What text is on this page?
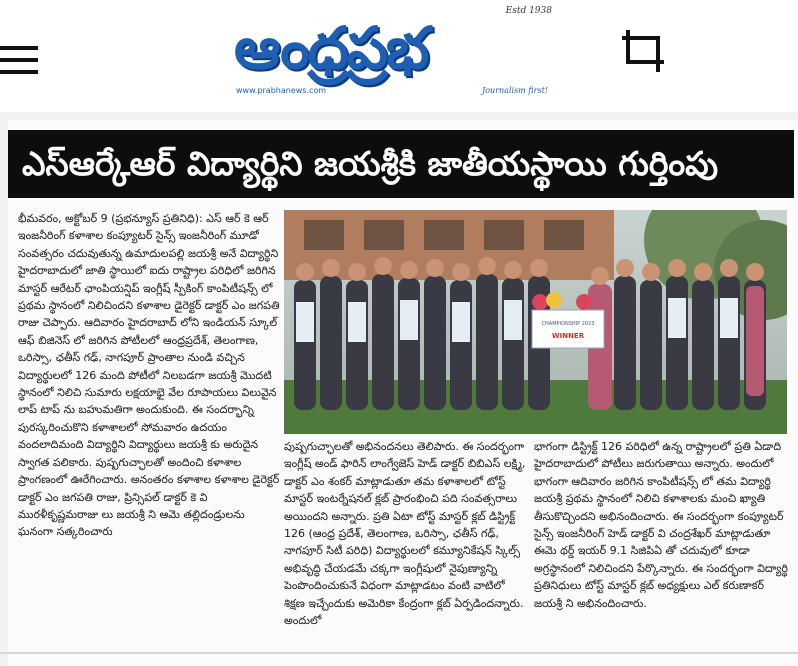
Estd 1938
ఆంధ్రప్రభ
www.prabhanews.com	Journalism first!
ఎస్ఆర్కేఆర్ విద్యార్థిని జయశ్రీకి జాతీయస్థాయి గుర్తింపు

భీమవరం, అక్టోబర్ 9 (ప్రభన్యూస్ ప్రతినిధి): ఎస్ ఆర్ కె ఆర్ ఇంజనీరింగ్ కళాశాల కంప్యూటర్ సైన్స్ ఇంజనీరింగ్ మూడో సంవత్సరం చదువుతున్న ఉమాదులపల్లి జయశ్రీ అనే విద్యార్థిని హైదరాబాదులో జాతి స్థాయిలో ఐదు రాష్ట్రాల పరిధిలో జరిగిన మాస్టర్ ఆరేటర్ ఛాంపియన్షిప్ ఇంగ్లీష్ స్పీకింగ్ కాంపిటీషన్స్ లో ప్రథమ స్థానంలో నిలిచిందని కళాశాల డైరెక్టర్ డాక్టర్ ఎం జగపతి రాజు చెప్పారు. ఆదివారం హైదరాబాద్ లోని ఇండియన్ స్కూల్ ఆఫ్ బిజినెస్ లో జరిగిన పోటీలలో ఆంధ్రప్రదేశ్, తెలంగాణ, ఒరిస్సా, ఛతీస్ గఢ్, నాగపూర్ ప్రాంతాల నుండి వచ్చిన విద్యార్థులలో 126 మంది పోటీలో నిలబడగా జయశ్రీ మొదటి స్థానంలో నిలిచి సుమారు లక్షయాభై వేల రూపాయలు విలువైన లాప్ టాప్ ను బహుమతిగా అందుకుంది. ఈ సందర్భాన్ని పురస్కరించుకొని కళాశాలలో సోమవారం ఉదయం వందలాదిమంది విద్యార్థిని విద్యార్థులు జయశ్రీ కు అరుదైన స్వాగత పలికారు. పుష్పగుచ్ఛాలతో అందించి కళాశాల ప్రాంగణంలో ఊరేగించారు. అనంతరం కళాశాల కళాశాల డైరెక్టర్ డాక్టర్ ఎం జగపతి రాజు, ప్రిన్సిపల్ డాక్టర్ కె వి మురళీకృష్ణమరాజు లు జయశ్రీ ని ఆమె తల్లిదండ్రులను ఘనంగా సత్కరించారు

CHAMPIONSHIP 2023
WINNER

పుష్పగుచ్ఛాలతో అభినందనలు తెలిపారు. ఈ సందర్భంగా ఇంగ్లీష్ అండ్ ఫారిన్ లాంగ్వేజెస్ హెడ్ డాక్టర్ బిబిఎస్ లక్ష్మి, డాక్టర్ ఎం శంకర్ మాట్లాడుతూ తమ కళాశాలలో టోస్ట్ మాస్టర్ ఇంటర్నేషనల్ క్లబ్ ప్రారంభించి పది సంవత్సరాలు అయిందని అన్నారు. ప్రతి ఏటా టోస్ట్ మాస్టర్ క్లబ్ డిస్ట్రిక్ట్ 126 (ఆంధ్ర ప్రదేశ్, తెలంగాణ, ఒరిస్సా, ఛతీస్ గఢ్, నాగపూర్ సిటీ పరిధి) విద్యార్థులలో కమ్యూనికేషన్ స్కిల్స్ అభివృద్ధి చేయడమే చక్కగా ఇంగ్లీషులో నైపుణ్యాన్ని పెంపొందించుకునే విధంగా మాట్లాడటం వంటి వాటిలో శిక్షణ ఇచ్చేందుకు అమెరికా కేంద్రంగా క్లబ్ ఏర్పడిందన్నారు. అందులో

భాగంగా డిస్ట్రిక్ట్ 126 పరిధిలో ఉన్న రాష్ట్రాలలో ప్రతి ఏడాది హైదరాబాదులో పోటీలు జరుగుతాయి అన్నారు. అందులో భాగంగా ఆదివారం జరిగిన కాంపిటీషన్స్ లో తమ విద్యార్థి జయశ్రీ ప్రథమ స్థానంలో నిలిచి కళాశాలకు మంచి ఖ్యాతి తీసుకొచ్చిందని అభినందించారు. ఈ సందర్భంగా కంప్యూటర్ సైన్స్ ఇంజనీరింగ్ హెడ్ డాక్టర్ వి చంద్రశేఖర్ మాట్లాడుతూ ఈమె థర్డ్ ఇయర్ 9.1 సిజిపిఏ తో చదువులో కూడా అగ్రస్థానంలో నిలిచిందని పేర్కొన్నారు. ఈ సందర్భంగా విద్యార్థి ప్రతినిధులు టోస్ట్ మాస్టర్ క్లబ్ అధ్యక్షులు ఎల్ కరుణాకర్ జయశ్రీ ని అభినందించారు.
